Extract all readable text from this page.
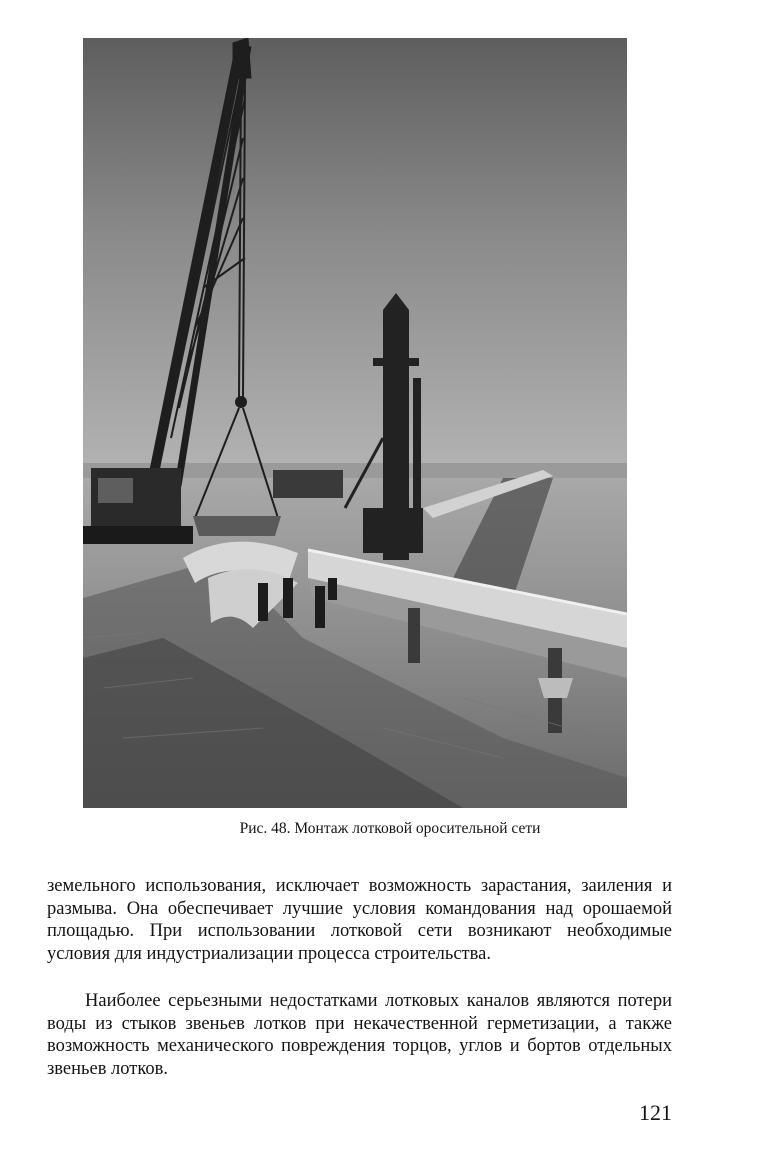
Рис. 48. Монтаж лотковой оросительной сети

земельного использования, исключает возможность зарастания, заиления и размыва. Она обеспечивает лучшие условия командования над орошаемой площадью. При использовании лотковой сети возникают необходимые условия для индустриализации процесса строительства.

Наиболее серьезными недостатками лотковых каналов являются потери воды из стыков звеньев лотков при некачественной герметизации, а также возможность механического повреждения торцов, углов и бортов отдельных звеньев лотков.

121
